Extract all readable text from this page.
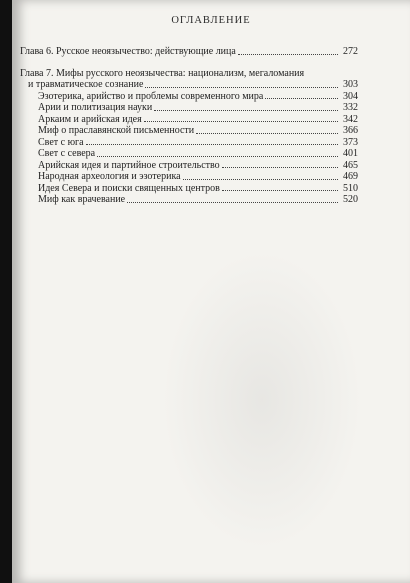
ОГЛАВЛЕНИЕ
Глава 6. Русское неоязычество: действующие лица	272
Глава 7. Мифы русского неоязычества: национализм, мегаломания
и травматическое сознание	303
Эзотерика, арийство и проблемы современного мира	304
Арии и политизация науки	332
Аркаим и арийская идея	342
Миф о праславянской письменности	366
Свет с юга	373
Свет с севера	401
Арийская идея и партийное строительство	465
Народная археология и эзотерика	469
Идея Севера и поиски священных центров	510
Миф как врачевание	520
